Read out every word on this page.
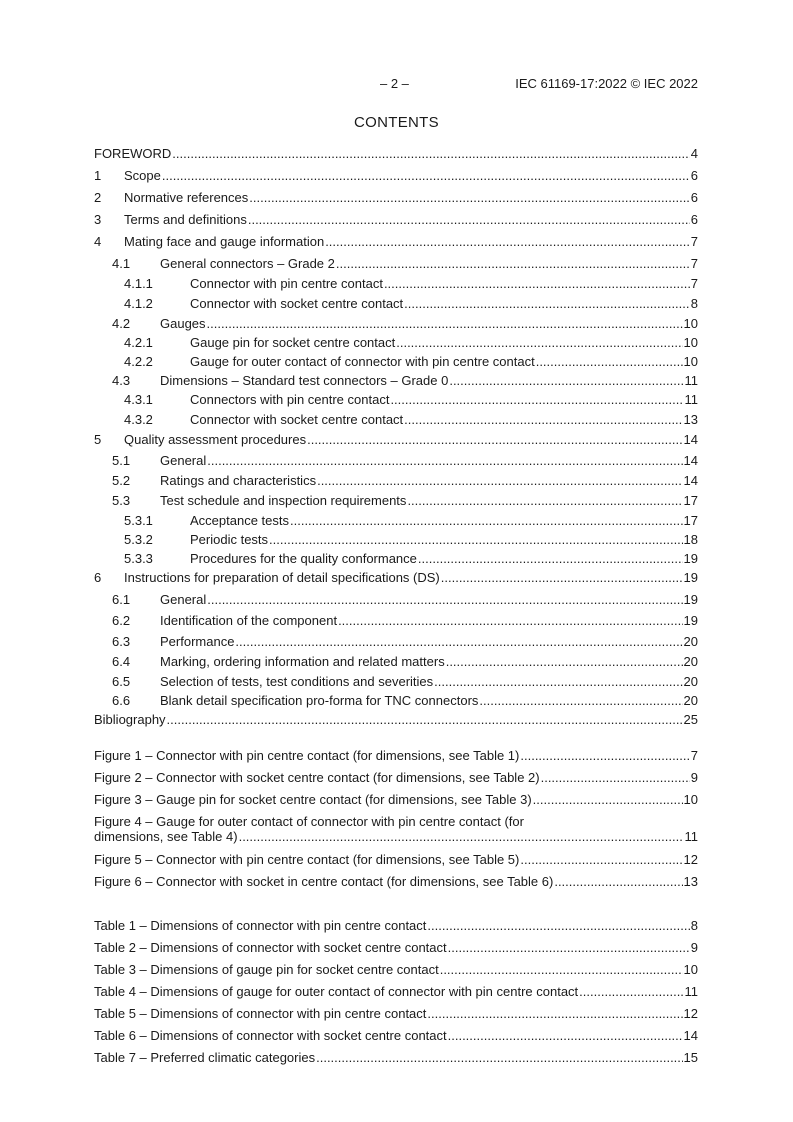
– 2 –	IEC 61169-17:2022 © IEC 2022
CONTENTS
FOREWORD .....	4
1	Scope .....	6
2	Normative references .....	6
3	Terms and definitions .....	6
4	Mating face and gauge information .....	7
4.1	General connectors – Grade 2 .....	7
4.1.1	Connector with pin centre contact .....	7
4.1.2	Connector with socket centre contact .....	8
4.2	Gauges .....	10
4.2.1	Gauge pin for socket centre contact .....	10
4.2.2	Gauge for outer contact of connector with pin centre contact .....	10
4.3	Dimensions – Standard test connectors – Grade 0 .....	11
4.3.1	Connectors with pin centre contact .....	11
4.3.2	Connector with socket centre contact .....	13
5	Quality assessment procedures .....	14
5.1	General .....	14
5.2	Ratings and characteristics .....	14
5.3	Test schedule and inspection requirements .....	17
5.3.1	Acceptance tests .....	17
5.3.2	Periodic tests .....	18
5.3.3	Procedures for the quality conformance .....	19
6	Instructions for preparation of detail specifications (DS) .....	19
6.1	General .....	19
6.2	Identification of the component .....	19
6.3	Performance .....	20
6.4	Marking, ordering information and related matters .....	20
6.5	Selection of tests, test conditions and severities .....	20
6.6	Blank detail specification pro-forma for TNC connectors .....	20
Bibliography .....	25
Figure 1 – Connector with pin centre contact (for dimensions, see Table 1) .....	7
Figure 2 – Connector with socket centre contact (for dimensions, see Table 2) .....	9
Figure 3 – Gauge pin for socket centre contact (for dimensions, see Table 3) .....	10
Figure 4 – Gauge for outer contact of connector with pin centre contact (for
dimensions, see Table 4) .....	11
Figure 5 – Connector with pin centre contact (for dimensions, see Table 5) .....	12
Figure 6 – Connector with socket in centre contact (for dimensions, see Table 6) .....	13
Table 1 – Dimensions of connector with pin centre contact .....	8
Table 2 – Dimensions of connector with socket centre contact .....	9
Table 3 – Dimensions of gauge pin for socket centre contact .....	10
Table 4 – Dimensions of gauge for outer contact of connector with pin centre contact .....	11
Table 5 – Dimensions of connector with pin centre contact .....	12
Table 6 – Dimensions of connector with socket centre contact .....	14
Table 7 – Preferred climatic categories .....	15
